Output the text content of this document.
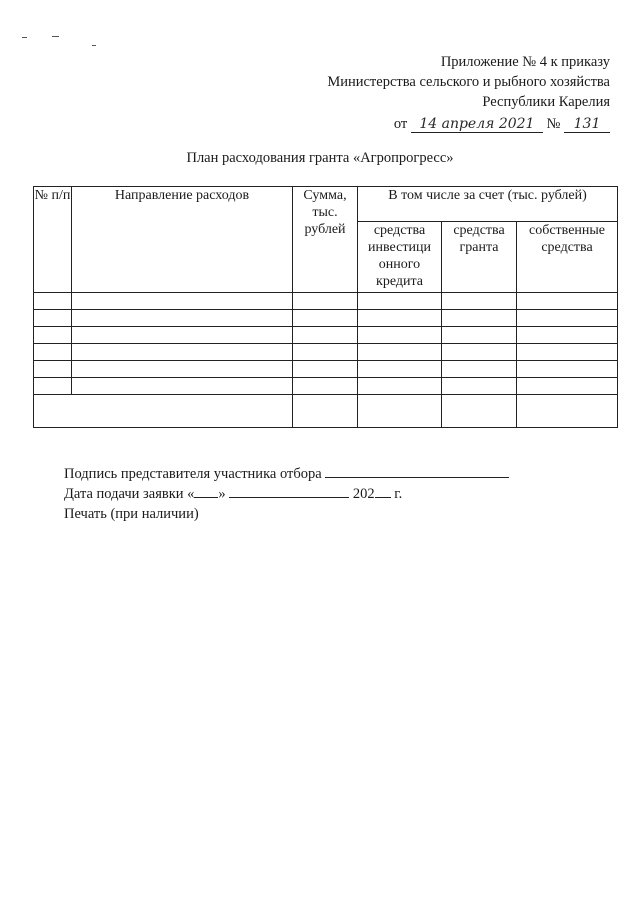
Приложение № 4 к приказу
Министерства сельского и рыбного хозяйства
Республики Карелия
от 14 апреля 2021 № 131
План расходования гранта «Агропрогресс»
№ п/п	Направление расходов	Сумма, тыс. рублей	В том числе за счет (тыс. рублей)		
			средства инвестици онного кредита	средства гранта	собственные средства

Подпись представителя участника отбора
Дата подачи заявки « »	202 г.
Печать (при наличии)
